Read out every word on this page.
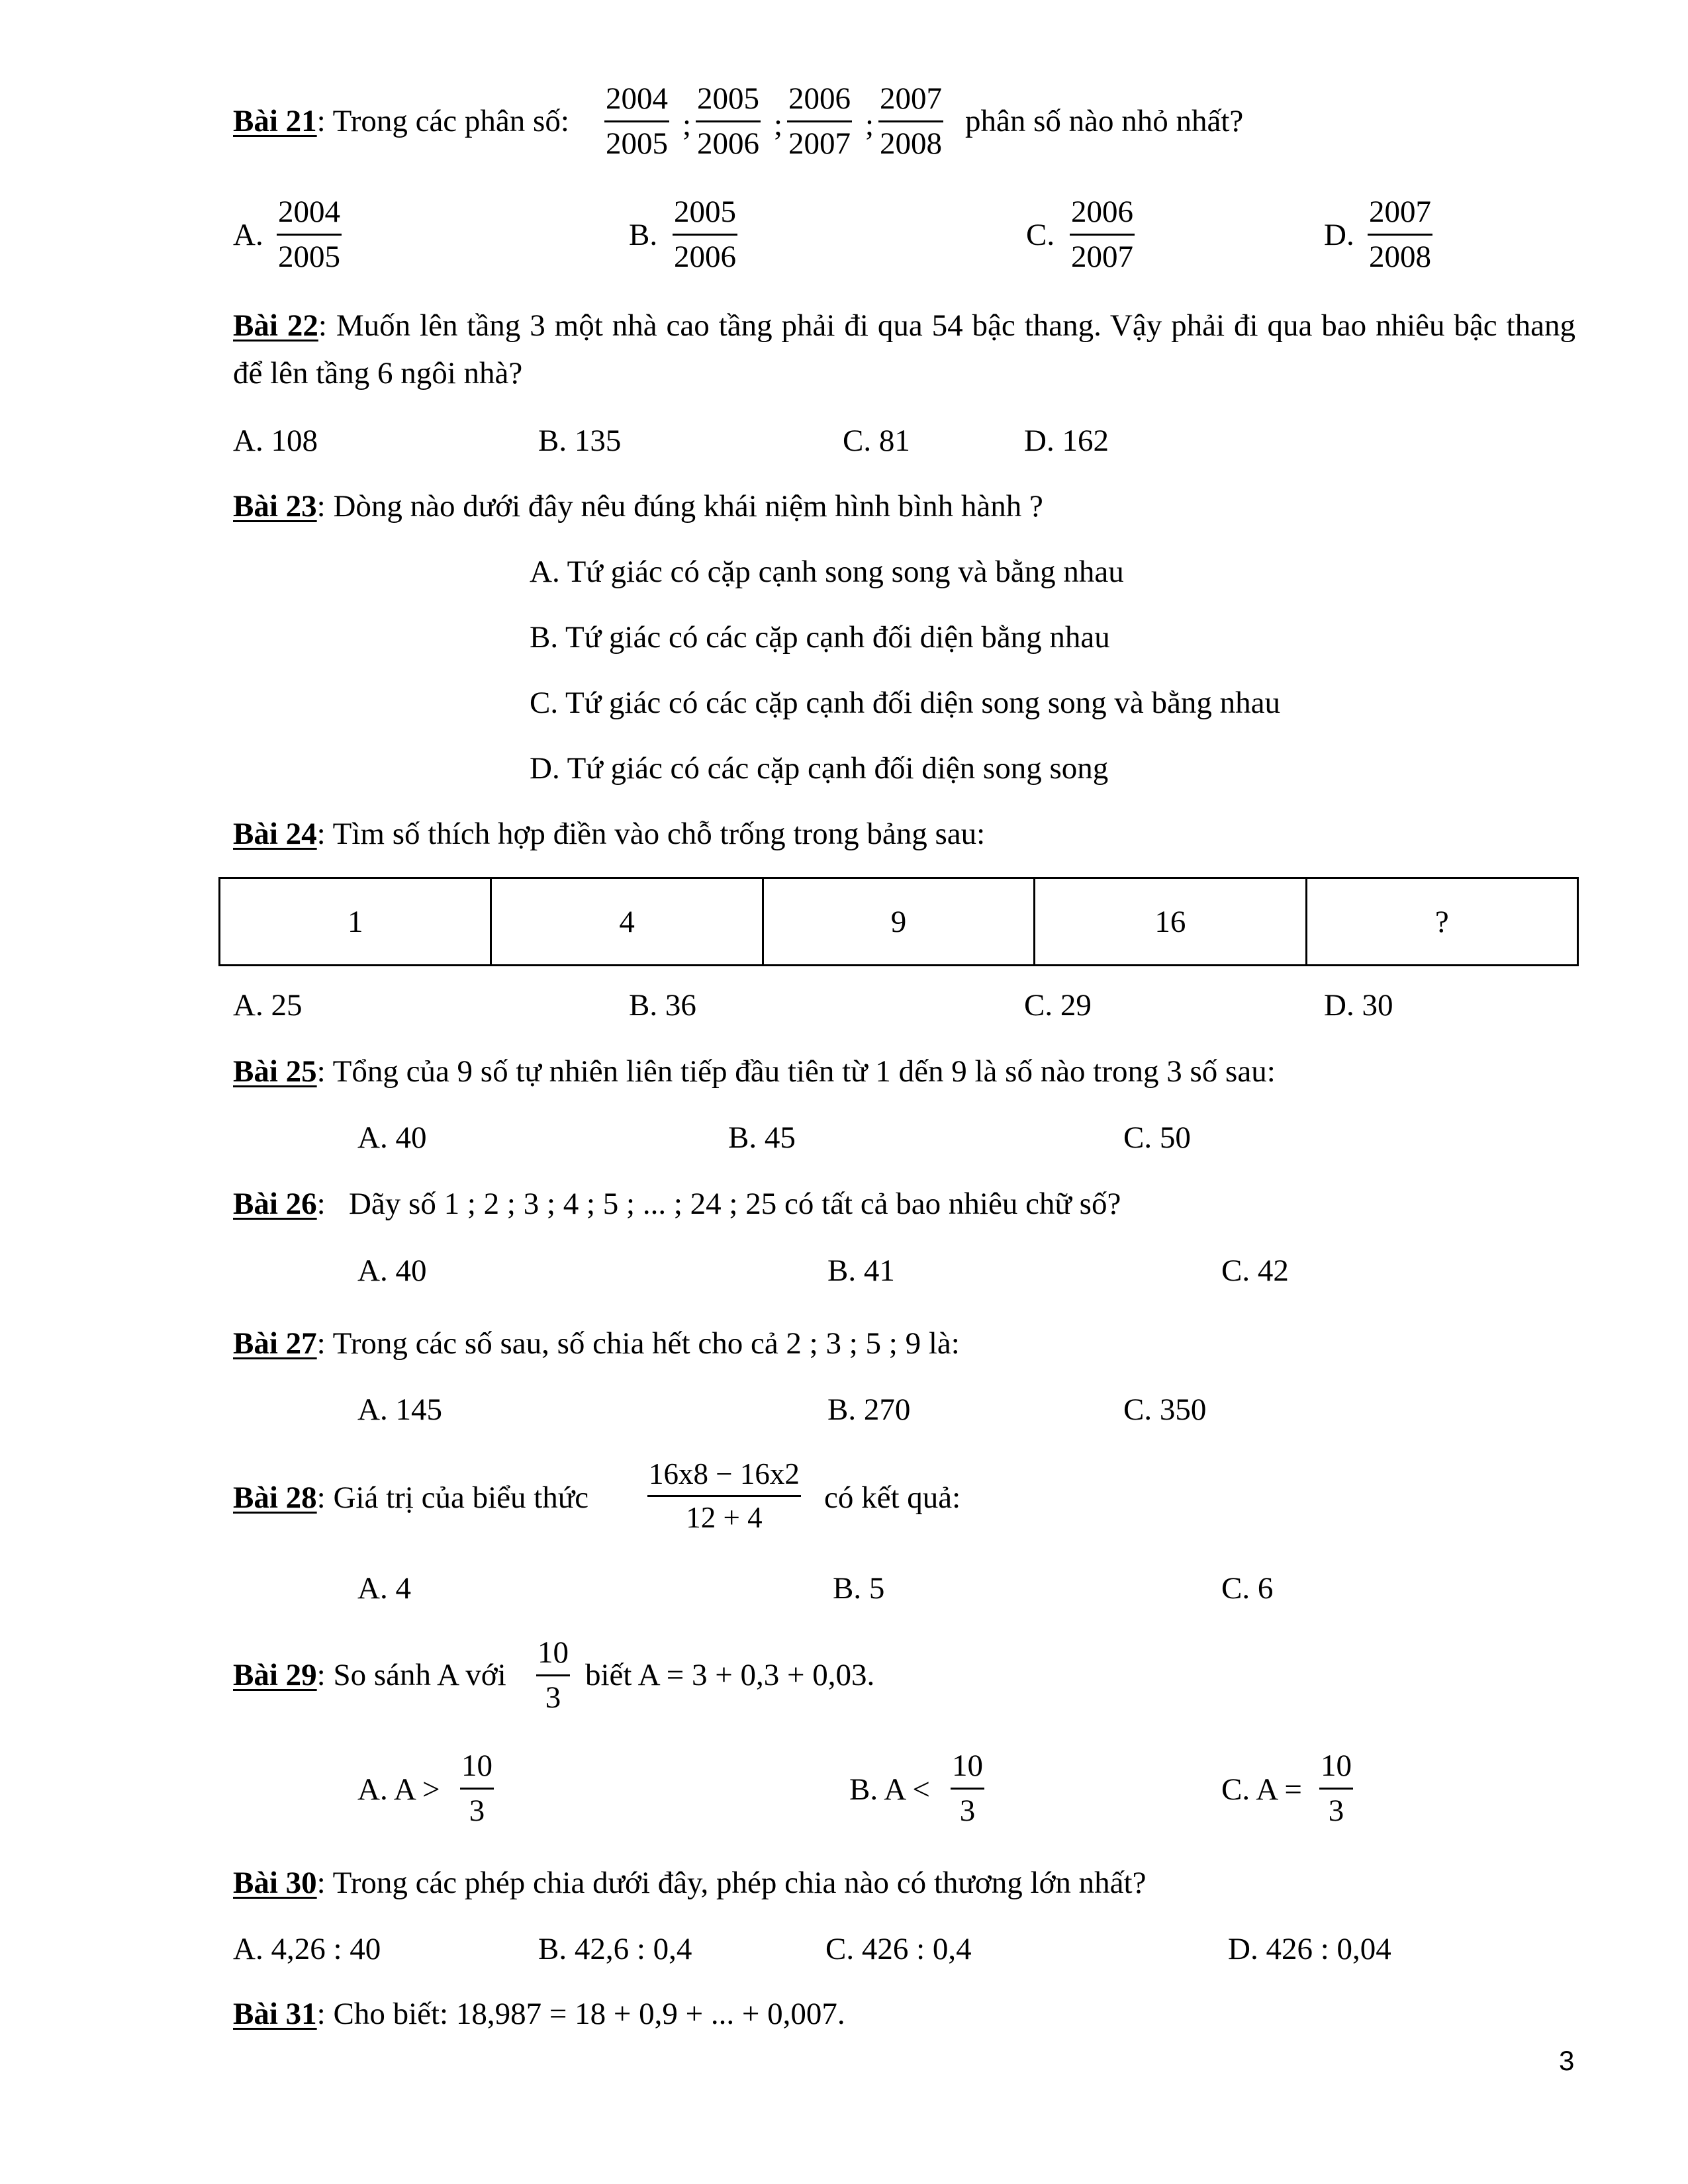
Bài 21: Trong các phân số: $\frac{2004}{2005}$ ; $\frac{2005}{2006}$ ; $\frac{2006}{2007}$ ; $\frac{2007}{2008}$ phân số nào nhỏ nhất?
A. $\frac{2004}{2005}$	B. $\frac{2005}{2006}$	C. $\frac{2006}{2007}$	D. $\frac{2007}{2008}$
Bài 22: Muốn lên tầng 3 một nhà cao tầng phải đi qua 54 bậc thang. Vậy phải đi qua bao nhiêu bậc thang để lên tầng 6 ngôi nhà?
A. 108	B. 135	C. 81	D. 162
Bài 23: Dòng nào dưới đây nêu đúng khái niệm hình bình hành ?
A. Tứ giác có cặp cạnh song song và bằng nhau
B. Tứ giác có các cặp cạnh đối diện bằng nhau
C. Tứ giác có các cặp cạnh đối diện song song và bằng nhau
D. Tứ giác có các cặp cạnh đối diện song song
Bài 24: Tìm số thích hợp điền vào chỗ trống trong bảng sau:
1	4	9	16	?
A. 25	B. 36	C. 29	D. 30
Bài 25: Tổng của 9 số tự nhiên liên tiếp đầu tiên từ 1 dến 9 là số nào trong 3 số sau:
A. 40	B. 45	C. 50
Bài 26:   Dãy số 1 ; 2 ; 3 ; 4 ; 5 ; ... ; 24 ; 25 có tất cả bao nhiêu chữ số?
A. 40	B. 41	C. 42
Bài 27: Trong các số sau, số chia hết cho cả 2 ; 3 ; 5 ; 9 là:
A. 145	B. 270	C. 350
Bài 28: Giá trị của biểu thức $\frac{16x8 - 16x2}{12 + 4}$ có kết quả:
A. 4	B. 5	C. 6
Bài 29: So sánh A với $\frac{10}{3}$ biết A = 3 + 0,3 + 0,03.
A. $A > \frac{10}{3}$	B. $A < \frac{10}{3}$	C. $A = \frac{10}{3}$
Bài 30: Trong các phép chia dưới đây, phép chia nào có thương lớn nhất?
A. 4,26 : 40	B. 42,6 : 0,4	C. 426 : 0,4	D. 426 : 0,04
Bài 31: Cho biết: 18,987 = 18 + 0,9 + ... + 0,007.
3
